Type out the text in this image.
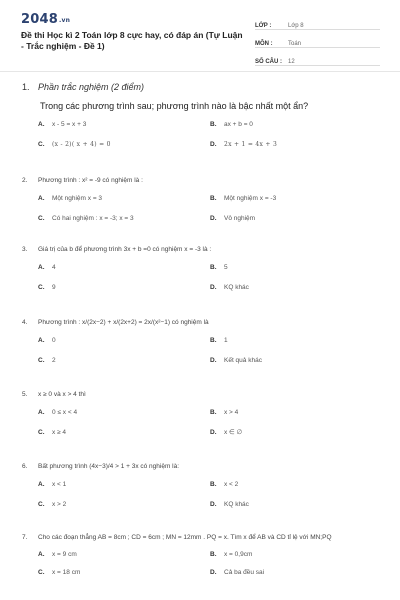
2048.vn
Đề thi Học kì 2 Toán lớp 8 cực hay, có đáp án (Tự Luận - Trắc nghiệm - Đề 1)
LỚP :	Lớp 8
MÔN :	Toán
SỐ CÂU :	12
1. Phần trắc nghiệm (2 điểm)
Trong các phương trình sau; phương trình nào là bậc nhất một ẩn?
A.	x - 5 = x + 3	B.	ax + b = 0
C.	(x - 2)( x + 4) = 0	D.	2x + 1 = 4x + 3
2.	Phương trình : x² = -9 có nghiệm là :
A.	Một nghiệm x = 3	B.	Một nghiệm x = -3
C.	Có hai nghiệm : x = -3; x = 3	D.	Vô nghiệm
3.	Giá trị của b để phương trình 3x + b =0 có nghiệm x = -3 là :
A.	4	B.	5
C.	9	D.	KQ khác
4.	Phương trình : x/(2x−2) + x/(2x+2) = 2x/(x²−1) có nghiệm là
A.	0	B.	1
C.	2	D.	Kết quả khác
5.	x ≥ 0 và x > 4 thì
A.	0 ≤ x < 4	B.	x > 4
C.	x ≥ 4	D.	x ∈ ∅
6.	Bất phương trình (4x−3)/4 > 1 + 3x có nghiệm là:
A.	x < 1	B.	x < 2
C.	x > 2	D.	KQ khác
7.	Cho các đoạn thẳng AB = 8cm ; CD = 6cm ; MN = 12mm . PQ = x. Tìm x để AB và CD tỉ lệ với MN;PQ
A.	x = 9 cm	B.	x = 0,9cm
C.	x = 18 cm	D.	Cả ba đều sai
